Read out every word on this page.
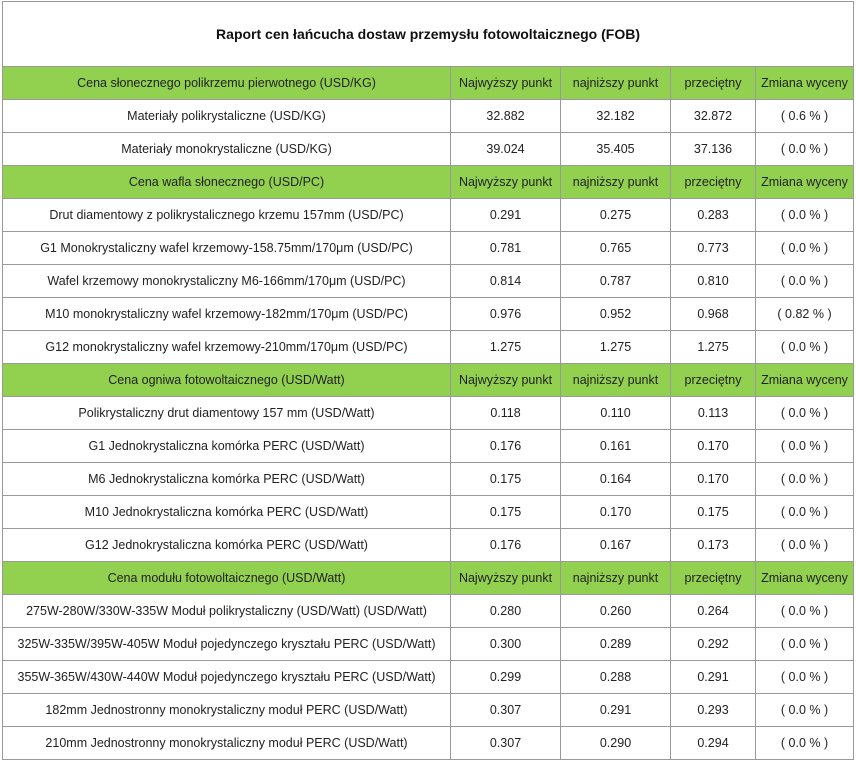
Raport cen łańcucha dostaw przemysłu fotowoltaicznego (FOB)				
Cena słonecznego polikrzemu pierwotnego (USD/KG)	Najwyższy punkt	najniższy punkt	przeciętny	Zmiana wyceny
Materiały polikrystaliczne (USD/KG)	32.882	32.182	32.872	( 0.6 % )
Materiały monokrystaliczne (USD/KG)	39.024	35.405	37.136	( 0.0 % )
Cena wafla słonecznego (USD/PC)	Najwyższy punkt	najniższy punkt	przeciętny	Zmiana wyceny
Drut diamentowy z polikrystalicznego krzemu 157mm (USD/PC)	0.291	0.275	0.283	( 0.0 % )
G1 Monokrystaliczny wafel krzemowy-158.75mm/170μm (USD/PC)	0.781	0.765	0.773	( 0.0 % )
Wafel krzemowy monokrystaliczny M6-166mm/170μm (USD/PC)	0.814	0.787	0.810	( 0.0 % )
M10 monokrystaliczny wafel krzemowy-182mm/170μm (USD/PC)	0.976	0.952	0.968	( 0.82 % )
G12 monokrystaliczny wafel krzemowy-210mm/170μm (USD/PC)	1.275	1.275	1.275	( 0.0 % )
Cena ogniwa fotowoltaicznego (USD/Watt)	Najwyższy punkt	najniższy punkt	przeciętny	Zmiana wyceny
Polikrystaliczny drut diamentowy 157 mm (USD/Watt)	0.118	0.110	0.113	( 0.0 % )
G1 Jednokrystaliczna komórka PERC (USD/Watt)	0.176	0.161	0.170	( 0.0 % )
M6 Jednokrystaliczna komórka PERC (USD/Watt)	0.175	0.164	0.170	( 0.0 % )
M10 Jednokrystaliczna komórka PERC (USD/Watt)	0.175	0.170	0.175	( 0.0 % )
G12 Jednokrystaliczna komórka PERC (USD/Watt)	0.176	0.167	0.173	( 0.0 % )
Cena modułu fotowoltaicznego (USD/Watt)	Najwyższy punkt	najniższy punkt	przeciętny	Zmiana wyceny
275W-280W/330W-335W Moduł polikrystaliczny (USD/Watt) (USD/Watt)	0.280	0.260	0.264	( 0.0 % )
325W-335W/395W-405W Moduł pojedynczego kryształu PERC (USD/Watt)	0.300	0.289	0.292	( 0.0 % )
355W-365W/430W-440W Moduł pojedynczego kryształu PERC (USD/Watt)	0.299	0.288	0.291	( 0.0 % )
182mm Jednostronny monokrystaliczny moduł PERC (USD/Watt)	0.307	0.291	0.293	( 0.0 % )
210mm Jednostronny monokrystaliczny moduł PERC (USD/Watt)	0.307	0.290	0.294	( 0.0 % )
